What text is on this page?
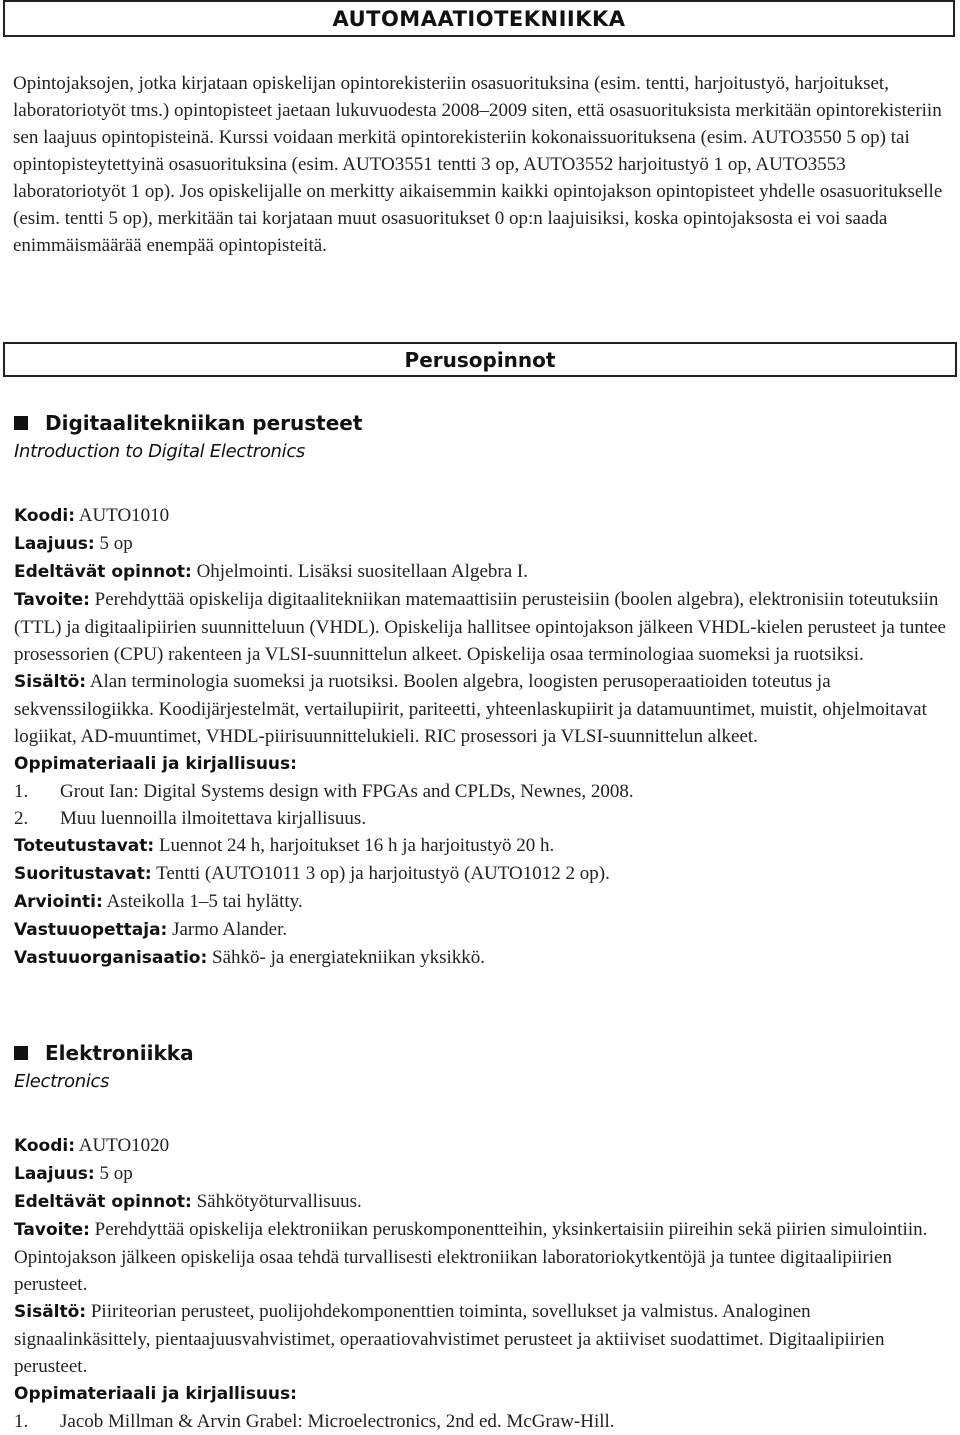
AUTOMAATIOTEKNIIKKA

Opintojaksojen, jotka kirjataan opiskelijan opintorekisteriin osasuorituksina (esim. tentti, harjoitustyö, harjoitukset, laboratoriotyöt tms.) opintopisteet jaetaan lukuvuodesta 2008–2009 siten, että osasuorituksista merkitään opintorekisteriin sen laajuus opintopisteinä. Kurssi voidaan merkitä opintorekisteriin kokonaissuorituksena (esim. AUTO3550 5 op) tai opintopisteytettyinä osasuorituksina (esim. AUTO3551 tentti 3 op, AUTO3552 harjoitustyö 1 op, AUTO3553 laboratoriotyöt 1 op). Jos opiskelijalle on merkitty aikaisemmin kaikki opintojakson opintopisteet yhdelle osasuoritukselle (esim. tentti 5 op), merkitään tai korjataan muut osasuoritukset 0 op:n laajuisiksi, koska opintojaksosta ei voi saada enimmäismäärää enempää opintopisteitä.

Perusopinnot
Digitaalitekniikan perusteet
Introduction to Digital Electronics

Koodi: AUTO1010

Laajuus: 5 op

Edeltävät opinnot: Ohjelmointi. Lisäksi suositellaan Algebra I.

Tavoite: Perehdyttää opiskelija digitaalitekniikan matemaattisiin perusteisiin (boolen algebra), elektronisiin toteutuksiin (TTL) ja digitaalipiirien suunnitteluun (VHDL). Opiskelija hallitsee opintojakson jälkeen VHDL-kielen perusteet ja tuntee prosessorien (CPU) rakenteen ja VLSI-suunnittelun alkeet. Opiskelija osaa terminologiaa suomeksi ja ruotsiksi.

Sisältö: Alan terminologia suomeksi ja ruotsiksi. Boolen algebra, loogisten perusoperaatioiden toteutus ja sekvenssilogiikka. Koodijärjestelmät, vertailupiirit, pariteetti, yhteenlaskupiirit ja datamuuntimet, muistit, ohjelmoitavat logiikat, AD-muuntimet, VHDL-piirisuunnittelukieli. RIC prosessori ja VLSI-suunnittelun alkeet.

Oppimateriaali ja kirjallisuus:

1.	Grout Ian: Digital Systems design with FPGAs and CPLDs, Newnes, 2008.
2.	Muu luennoilla ilmoitettava kirjallisuus.

Toteutustavat: Luennot 24 h, harjoitukset 16 h ja harjoitustyö 20 h.

Suoritustavat: Tentti (AUTO1011 3 op) ja harjoitustyö (AUTO1012 2 op).

Arviointi: Asteikolla 1–5 tai hylätty.

Vastuuopettaja: Jarmo Alander.

Vastuuorganisaatio: Sähkö- ja energiatekniikan yksikkö.

Elektroniikka
Electronics

Koodi: AUTO1020

Laajuus: 5 op

Edeltävät opinnot: Sähkötyöturvallisuus.

Tavoite: Perehdyttää opiskelija elektroniikan peruskomponentteihin, yksinkertaisiin piireihin sekä piirien simulointiin. Opintojakson jälkeen opiskelija osaa tehdä turvallisesti elektroniikan laboratoriokytkentöjä ja tuntee digitaalipiirien perusteet.

Sisältö: Piiriteorian perusteet, puolijohdekomponenttien toiminta, sovellukset ja valmistus. Analoginen signaalinkäsittely, pientaajuusvahvistimet, operaatiovahvistimet perusteet ja aktiiviset suodattimet. Digitaalipiirien perusteet.

Oppimateriaali ja kirjallisuus:

1.	Jacob Millman & Arvin Grabel: Microelectronics, 2nd ed. McGraw-Hill.
